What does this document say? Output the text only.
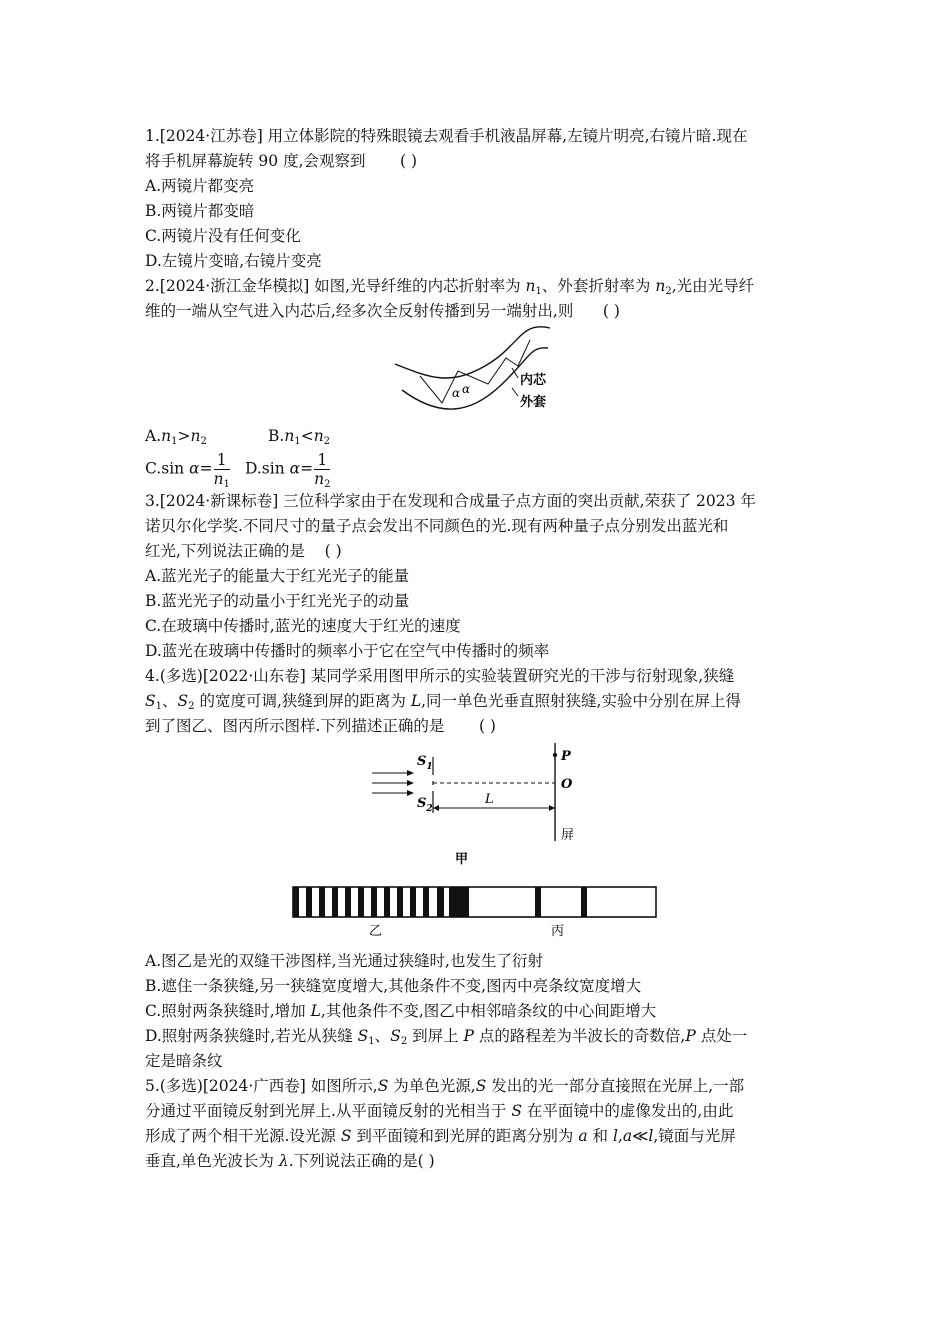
1.[2024·江苏卷] 用立体影院的特殊眼镜去观看手机液晶屏幕,左镜片明亮,右镜片暗.现在
将手机屏幕旋转 90 度,会观察到 ( )
A.两镜片都变亮
B.两镜片都变暗
C.两镜片没有任何变化
D.左镜片变暗,右镜片变亮
2.[2024·浙江金华模拟] 如图,光导纤维的内芯折射率为 $n_1$、外套折射率为 $n_2$,光由光导纤
维的一端从空气进入内芯后,经多次全反射传播到另一端射出,则 ( )
α α
内芯
外套
$A.n_1>n_2$	$B.n_1<n_2$
C.sin $\alpha= \frac{1}{n_1} D.\sin$ $\alpha= \frac{1}{n_2}$
3.[2024·新课标卷] 三位科学家由于在发现和合成量子点方面的突出贡献,荣获了 2023 年
诺贝尔化学奖.不同尺寸的量子点会发出不同颜色的光.现有两种量子点分别发出蓝光和
红光,下列说法正确的是 ( )
A.蓝光光子的能量大于红光光子的能量
B.蓝光光子的动量小于红光光子的动量
C.在玻璃中传播时,蓝光的速度大于红光的速度
D.蓝光在玻璃中传播时的频率小于它在空气中传播时的频率
4.(多选)[2022·山东卷] 某同学采用图甲所示的实验装置研究光的干涉与衍射现象,狭缝
$S_1$、$S_2$ 的宽度可调,狭缝到屏的距离为 L,同一单色光垂直照射狭缝,实验中分别在屏上得
到了图乙、图丙所示图样.下列描述正确的是 ( )
$S_1$
$S_2$
P
O
L
屏
甲
乙	丙
A.图乙是光的双缝干涉图样,当光通过狭缝时,也发生了衍射
B.遮住一条狭缝,另一狭缝宽度增大,其他条件不变,图丙中亮条纹宽度增大
C.照射两条狭缝时,增加 L,其他条件不变,图乙中相邻暗条纹的中心间距增大
D.照射两条狭缝时,若光从狭缝 $S_1$、$S_2$ 到屏上 P 点的路程差为半波长的奇数倍,P 点处一
定是暗条纹
5.(多选)[2024·广西卷] 如图所示,S 为单色光源,S 发出的光一部分直接照在光屏上,一部
分通过平面镜反射到光屏上.从平面镜反射的光相当于 S 在平面镜中的虚像发出的,由此
形成了两个相干光源.设光源 S 到平面镜和到光屏的距离分别为 a 和 l,a≪l,镜面与光屏
垂直,单色光波长为 λ.下列说法正确的是( )
